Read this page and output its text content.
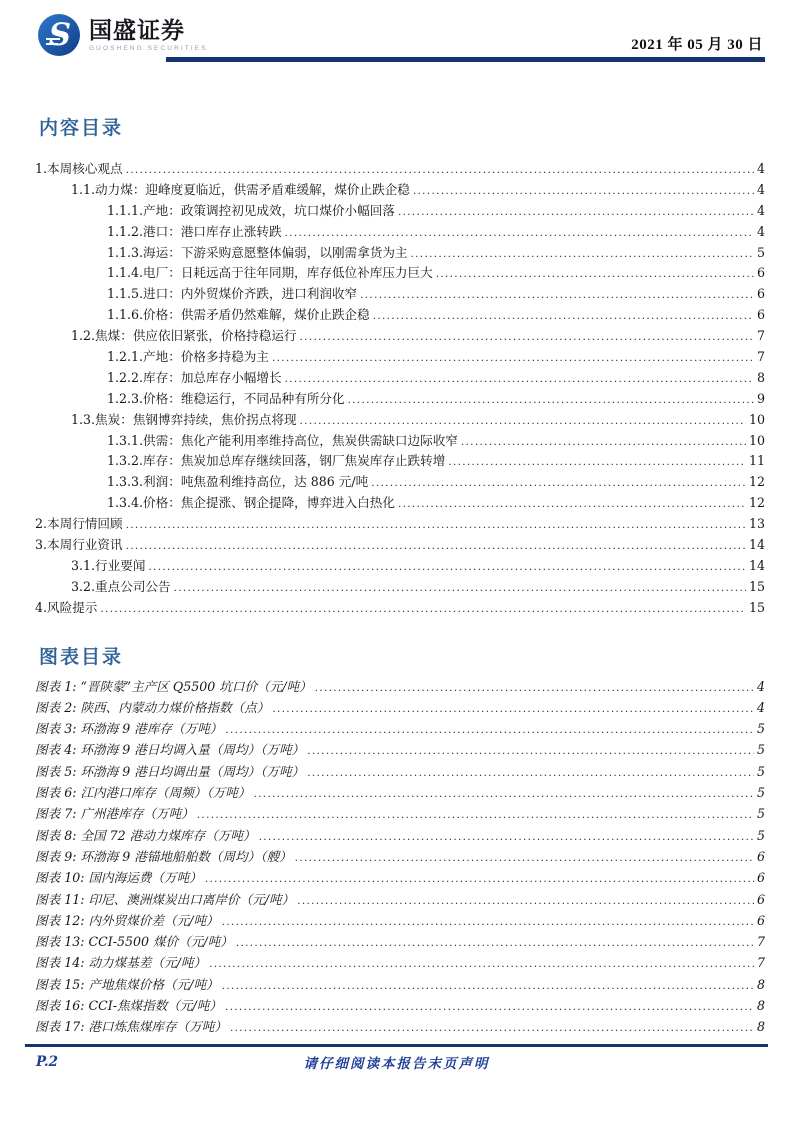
S 国盛证券
GUOSHENG SECURITIES	2021 年 05 月 30 日
内容目录
1.本周核心观点 .....	4
1.1.动力煤：迎峰度夏临近，供需矛盾难缓解，煤价止跌企稳 .....	4
1.1.1.产地：政策调控初见成效，坑口煤价小幅回落 .....	4
1.1.2.港口：港口库存止涨转跌 .....	4
1.1.3.海运：下游采购意愿整体偏弱，以刚需拿货为主 .....	5
1.1.4.电厂：日耗远高于往年同期，库存低位补库压力巨大 .....	6
1.1.5.进口：内外贸煤价齐跌，进口利润收窄 .....	6
1.1.6.价格：供需矛盾仍然难解，煤价止跌企稳 .....	6
1.2.焦煤：供应依旧紧张，价格持稳运行 .....	7
1.2.1.产地：价格多持稳为主 .....	7
1.2.2.库存：加总库存小幅增长 .....	8
1.2.3.价格：维稳运行，不同品种有所分化 .....	9
1.3.焦炭：焦钢博弈持续，焦价拐点将现 .....	10
1.3.1.供需：焦化产能利用率维持高位，焦炭供需缺口边际收窄 .....	10
1.3.2.库存：焦炭加总库存继续回落，钢厂焦炭库存止跌转增 .....	11
1.3.3.利润：吨焦盈利维持高位，达 886 元/吨 .....	12
1.3.4.价格：焦企提涨、钢企提降，博弈进入白热化 .....	12
2.本周行情回顾 .....	13
3.本周行业资讯 .....	14
3.1.行业要闻 .....	14
3.2.重点公司公告 .....	15
4.风险提示 .....	15
图表目录
图表 1: “晋陕蒙”主产区 Q5500 坑口价（元/吨） .....	4
图表 2: 陕西、内蒙动力煤价格指数（点） .....	4
图表 3: 环渤海 9 港库存（万吨） .....	5
图表 4: 环渤海 9 港日均调入量（周均）（万吨） .....	5
图表 5: 环渤海 9 港日均调出量（周均）（万吨） .....	5
图表 6: 江内港口库存（周频）（万吨） .....	5
图表 7: 广州港库存（万吨） .....	5
图表 8: 全国 72 港动力煤库存（万吨） .....	5
图表 9: 环渤海 9 港锚地船舶数（周均）（艘） .....	6
图表 10: 国内海运费（万吨） .....	6
图表 11: 印尼、澳洲煤炭出口离岸价（元/吨） .....	6
图表 12: 内外贸煤价差（元/吨） .....	6
图表 13: CCI-5500 煤价（元/吨） .....	7
图表 14: 动力煤基差（元/吨） .....	7
图表 15: 产地焦煤价格（元/吨） .....	8
图表 16: CCI-焦煤指数（元/吨） .....	8
图表 17: 港口炼焦煤库存（万吨） .....	8
P.2	请仔细阅读本报告末页声明
